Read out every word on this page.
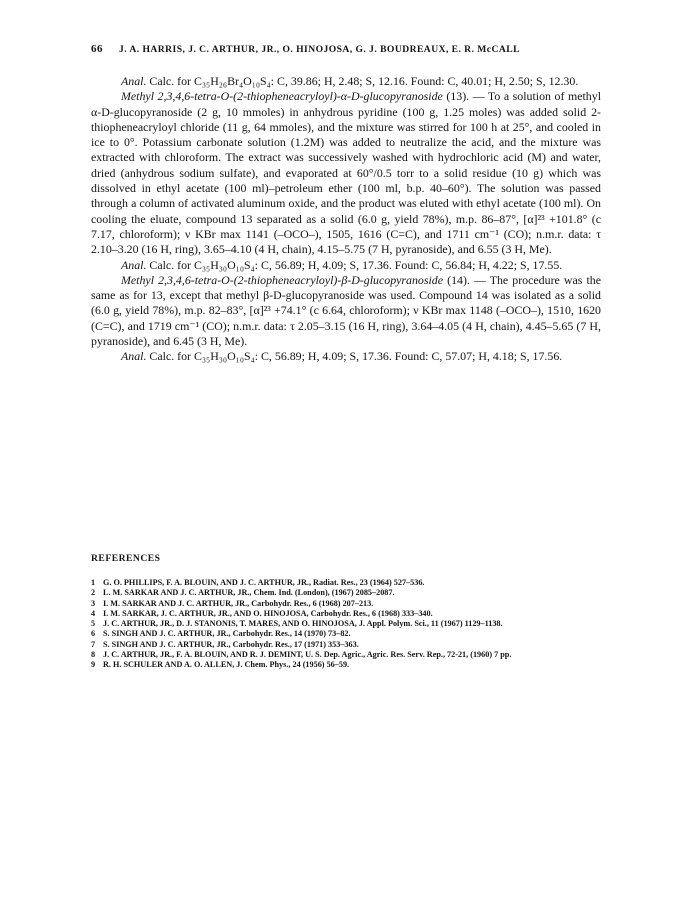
66 J. A. HARRIS, J. C. ARTHUR, JR., O. HINOJOSA, G. J. BOUDREAUX, E. R. McCALL

Anal. Calc. for C₃₅H₂₆Br₄O₁₀S₄: C, 39.86; H, 2.48; S, 12.16. Found: C, 40.01; H, 2.50; S, 12.30.

Methyl 2,3,4,6-tetra-O-(2-thiopheneacryloyl)-α-D-glucopyranoside (13). — To a solution of methyl α-D-glucopyranoside (2 g, 10 mmoles) in anhydrous pyridine (100 g, 1.25 moles) was added solid 2-thiopheneacryloyl chloride (11 g, 64 mmoles), and the mixture was stirred for 100 h at 25°, and cooled in ice to 0°. Potassium carbonate solution (1.2M) was added to neutralize the acid, and the mixture was extracted with chloroform. The extract was successively washed with hydrochloric acid (M) and water, dried (anhydrous sodium sulfate), and evaporated at 60°/0.5 torr to a solid residue (10 g) which was dissolved in ethyl acetate (100 ml)–petroleum ether (100 ml, b.p. 40–60°). The solution was passed through a column of activated aluminum oxide, and the product was eluted with ethyl acetate (100 ml). On cooling the eluate, compound 13 separated as a solid (6.0 g, yield 78%), m.p. 86–87°, [α]²³ +101.8° (c 7.17, chloroform); ν KBr max 1141 (–OCO–), 1505, 1616 (C=C), and 1711 cm⁻¹ (CO); n.m.r. data: τ 2.10–3.20 (16 H, ring), 3.65–4.10 (4 H, chain), 4.15–5.75 (7 H, pyranoside), and 6.55 (3 H, Me).

Anal. Calc. for C₃₅H₃₀O₁₀S₄: C, 56.89; H, 4.09; S, 17.36. Found: C, 56.84; H, 4.22; S, 17.55.

Methyl 2,3,4,6-tetra-O-(2-thiopheneacryloyl)-β-D-glucopyranoside (14). — The procedure was the same as for 13, except that methyl β-D-glucopyranoside was used. Compound 14 was isolated as a solid (6.0 g, yield 78%), m.p. 82–83°, [α]²³ +74.1° (c 6.64, chloroform); ν KBr max 1148 (–OCO–), 1510, 1620 (C=C), and 1719 cm⁻¹ (CO); n.m.r. data: τ 2.05–3.15 (16 H, ring), 3.64–4.05 (4 H, chain), 4.45–5.65 (7 H, pyranoside), and 6.45 (3 H, Me).

Anal. Calc. for C₃₅H₃₀O₁₀S₄: C, 56.89; H, 4.09; S, 17.36. Found: C, 57.07; H, 4.18; S, 17.56.

REFERENCES
1 G. O. PHILLIPS, F. A. BLOUIN, AND J. C. ARTHUR, JR., Radiat. Res., 23 (1964) 527–536.
2 L. M. SARKAR AND J. C. ARTHUR, JR., Chem. Ind. (London), (1967) 2085–2087.
3 I. M. SARKAR AND J. C. ARTHUR, JR., Carbohydr. Res., 6 (1968) 207–213.
4 I. M. SARKAR, J. C. ARTHUR, JR., AND O. HINOJOSA, Carbohydr. Res., 6 (1968) 333–340.
5 J. C. ARTHUR, JR., D. J. STANONIS, T. MARES, AND O. HINOJOSA, J. Appl. Polym. Sci., 11 (1967) 1129–1138.
6 S. SINGH AND J. C. ARTHUR, JR., Carbohydr. Res., 14 (1970) 73–82.
7 S. SINGH AND J. C. ARTHUR, JR., Carbohydr. Res., 17 (1971) 353–363.
8 J. C. ARTHUR, JR., F. A. BLOUIN, AND R. J. DEMINT, U. S. Dep. Agric., Agric. Res. Serv. Rep., 72-21, (1960) 7 pp.
9 R. H. SCHULER AND A. O. ALLEN, J. Chem. Phys., 24 (1956) 56–59.
